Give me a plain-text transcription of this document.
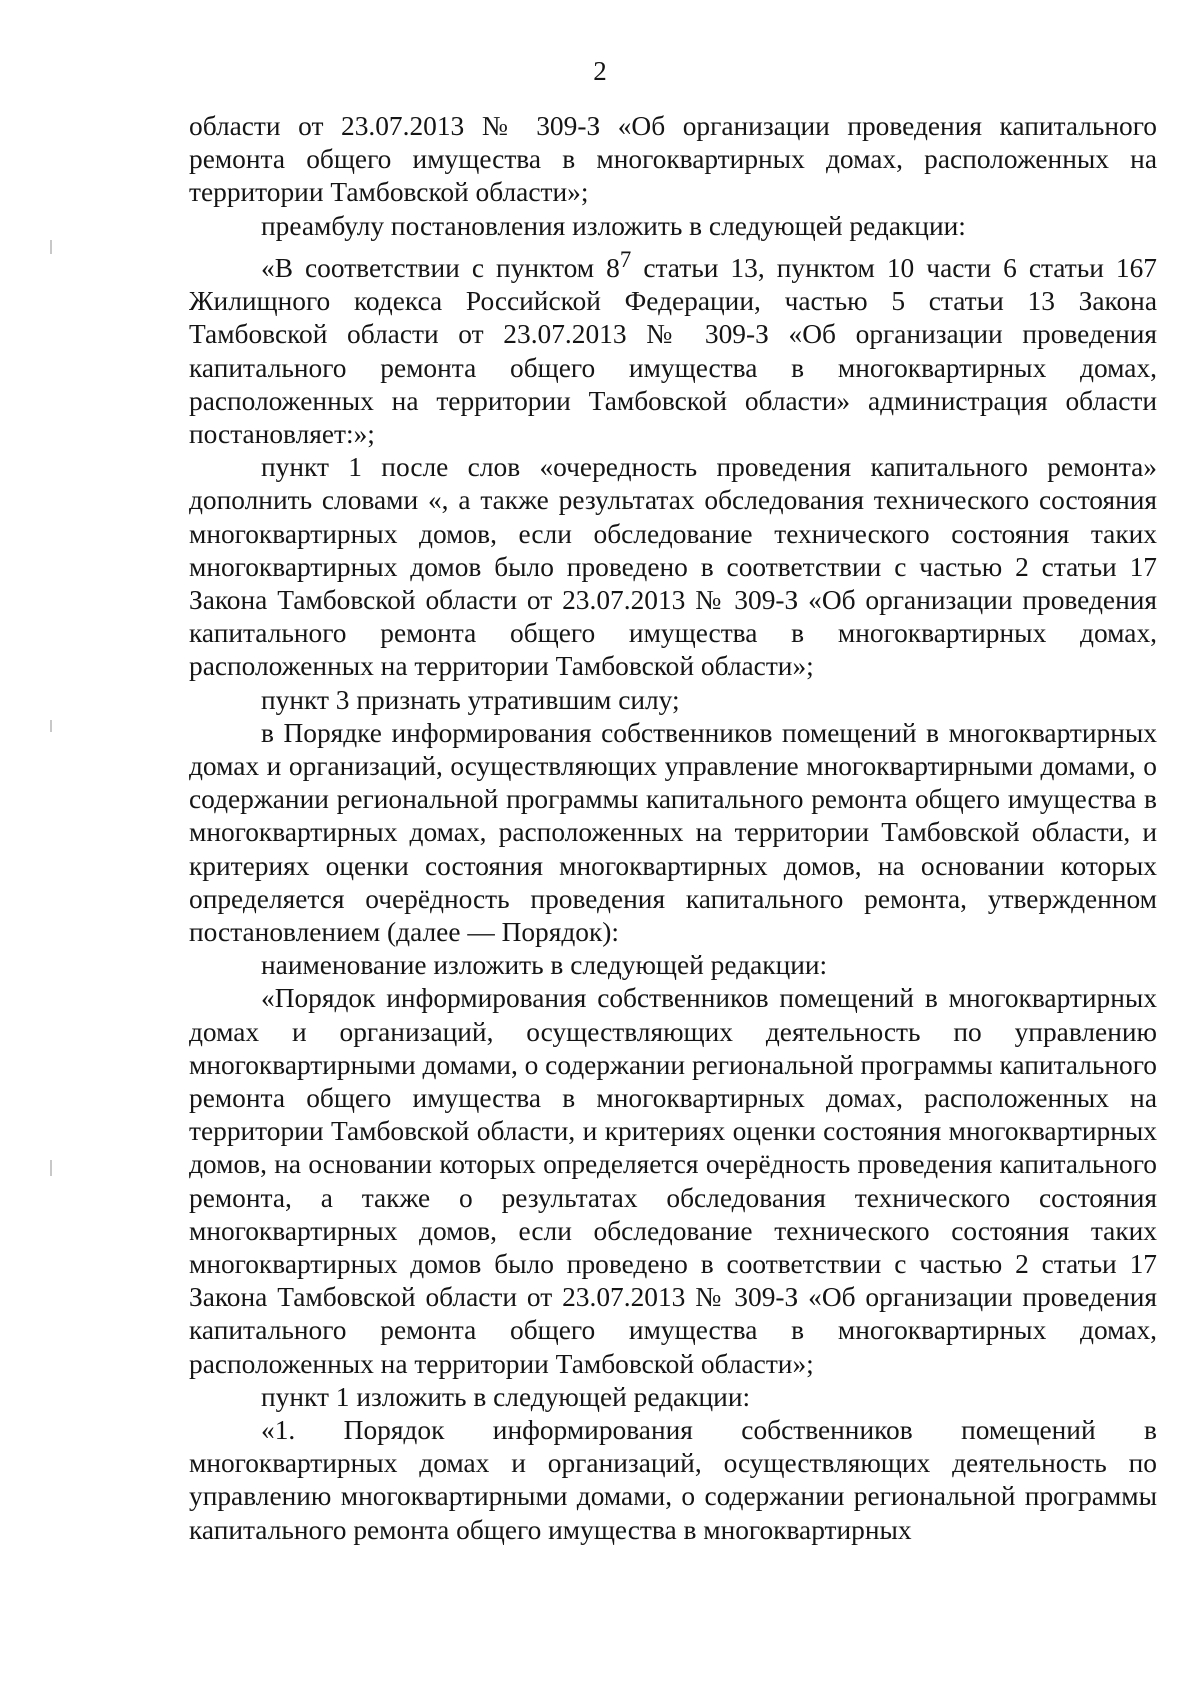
2

области от 23.07.2013 № 309-З «Об организации проведения капитального ремонта общего имущества в многоквартирных домах, расположенных на территории Тамбовской области»;

преамбулу постановления изложить в следующей редакции:

«В соответствии с пунктом $8^7$ статьи 13, пунктом 10 части 6 статьи 167 Жилищного кодекса Российской Федерации, частью 5 статьи 13 Закона Тамбовской области от 23.07.2013 № 309-З «Об организации проведения капитального ремонта общего имущества в многоквартирных домах, расположенных на территории Тамбовской области» администрация области постановляет:»;

пункт 1 после слов «очередность проведения капитального ремонта» дополнить словами «, а также результатах обследования технического состояния многоквартирных домов, если обследование технического состояния таких многоквартирных домов было проведено в соответствии с частью 2 статьи 17 Закона Тамбовской области от 23.07.2013 № 309-З «Об организации проведения капитального ремонта общего имущества в многоквартирных домах, расположенных на территории Тамбовской области»;

пункт 3 признать утратившим силу;

в Порядке информирования собственников помещений в многоквартирных домах и организаций, осуществляющих управление многоквартирными домами, о содержании региональной программы капитального ремонта общего имущества в многоквартирных домах, расположенных на территории Тамбовской области, и критериях оценки состояния многоквартирных домов, на основании которых определяется очерёдность проведения капитального ремонта, утвержденном постановлением (далее — Порядок):

наименование изложить в следующей редакции:

«Порядок информирования собственников помещений в многоквартирных домах и организаций, осуществляющих деятельность по управлению многоквартирными домами, о содержании региональной программы капитального ремонта общего имущества в многоквартирных домах, расположенных на территории Тамбовской области, и критериях оценки состояния многоквартирных домов, на основании которых определяется очерёдность проведения капитального ремонта, а также о результатах обследования технического состояния многоквартирных домов, если обследование технического состояния таких многоквартирных домов было проведено в соответствии с частью 2 статьи 17 Закона Тамбовской области от 23.07.2013 № 309-З «Об организации проведения капитального ремонта общего имущества в многоквартирных домах, расположенных на территории Тамбовской области»;

пункт 1 изложить в следующей редакции:

«1. Порядок информирования собственников помещений в многоквартирных домах и организаций, осуществляющих деятельность по управлению многоквартирными домами, о содержании региональной программы капитального ремонта общего имущества в многоквартирных
